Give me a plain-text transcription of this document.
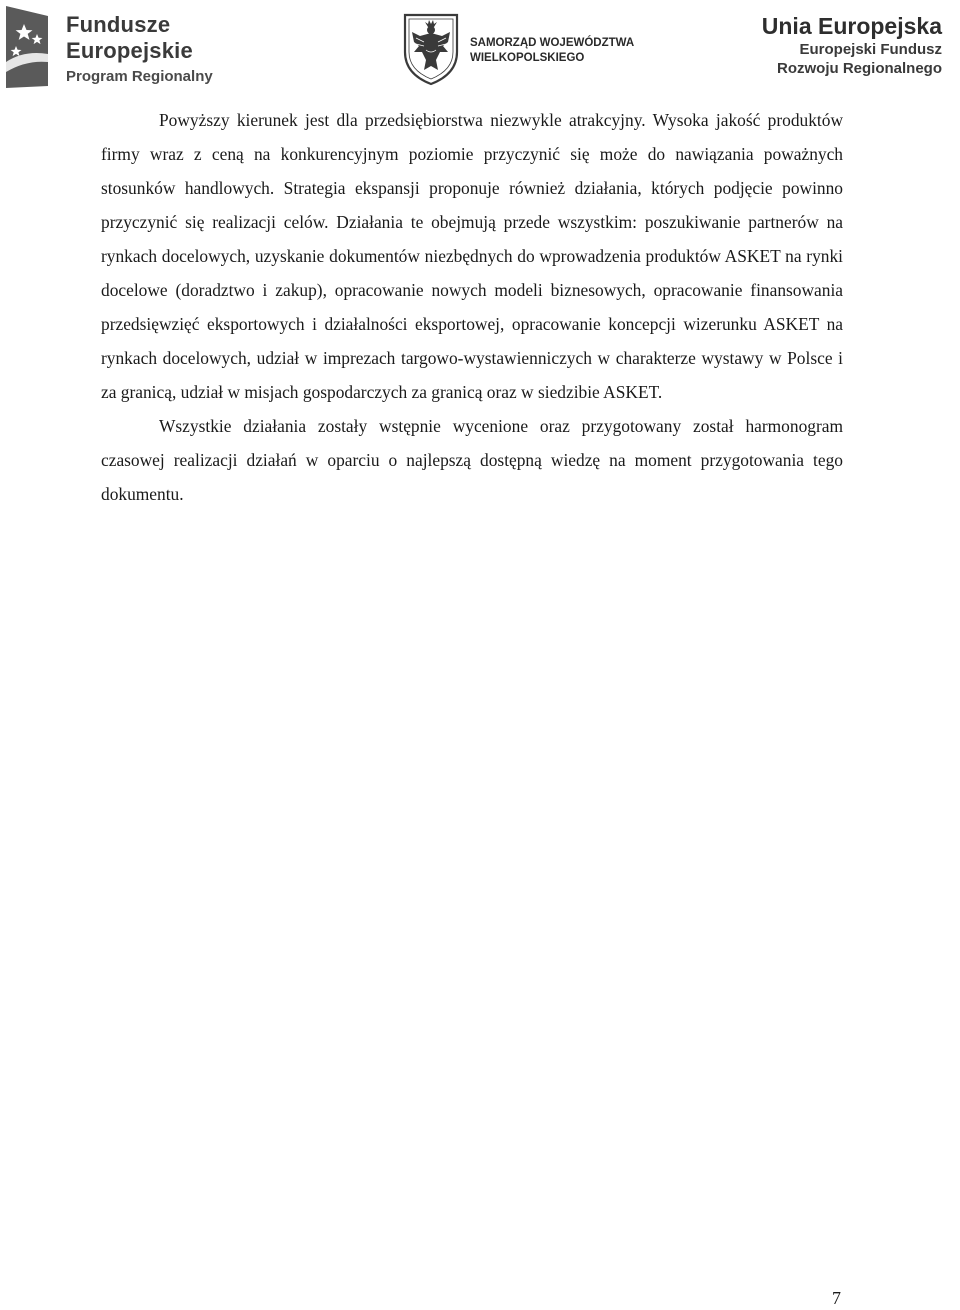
Fundusze
Europejskie
Program Regionalny
SAMORZĄD WOJEWÓDZTWA
WIELKOPOLSKIEGO
Unia Europejska
Europejski Fundusz
Rozwoju Regionalnego

Powyższy kierunek jest dla przedsiębiorstwa niezwykle atrakcyjny. Wysoka jakość produktów firmy wraz z ceną na konkurencyjnym poziomie przyczynić się może do nawiązania poważnych stosunków handlowych. Strategia ekspansji proponuje również działania, których podjęcie powinno przyczynić się realizacji celów. Działania te obejmują przede wszystkim: poszukiwanie partnerów na rynkach docelowych, uzyskanie dokumentów niezbędnych do wprowadzenia produktów ASKET na rynki docelowe (doradztwo i zakup), opracowanie nowych modeli biznesowych, opracowanie finansowania przedsięwzięć eksportowych i działalności eksportowej, opracowanie koncepcji wizerunku ASKET na rynkach docelowych, udział w imprezach targowo-wystawienniczych w charakterze wystawy w Polsce i za granicą, udział w misjach gospodarczych za granicą oraz w siedzibie ASKET.

Wszystkie działania zostały wstępnie wycenione oraz przygotowany został harmonogram czasowej realizacji działań w oparciu o najlepszą dostępną wiedzę na moment przygotowania tego dokumentu.

7
